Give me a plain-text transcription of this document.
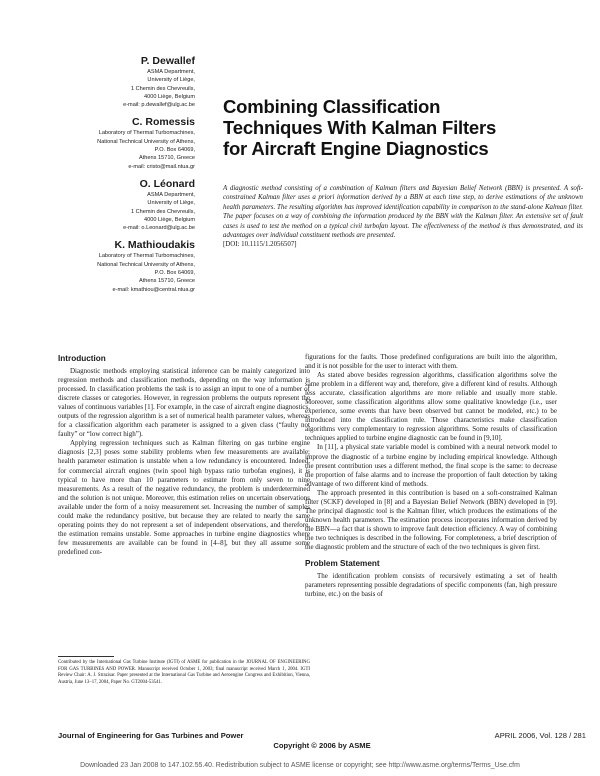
P. Dewallef
ASMA Department,
University of Liège,
1 Chemin des Chevreuils,
4000 Liège, Belgium
e-mail: p.dewallef@ulg.ac.be
C. Romessis
Laboratory of Thermal Turbomachines,
National Technical University of Athens,
P.O. Box 64069,
Athens 15710, Greece
e-mail: cristo@mail.ntua.gr
O. Léonard
ASMA Department,
University of Liège,
1 Chemin des Chevreuils,
4000 Liège, Belgium
e-mail: o.Leonard@ulg.ac.be
K. Mathioudakis
Laboratory of Thermal Turbomachines,
National Technical University of Athens,
P.O. Box 64069,
Athens 15710, Greece
e-mail: kmathiou@central.ntua.gr
Combining Classification
Techniques With Kalman Filters
for Aircraft Engine Diagnostics
A diagnostic method consisting of a combination of Kalman filters and Bayesian Belief Network (BBN) is presented. A soft-constrained Kalman filter uses a priori information derived by a BBN at each time step, to derive estimations of the unknown health parameters. The resulting algorithm has improved identification capability in comparison to the stand-alone Kalman filter. The paper focuses on a way of combining the information produced by the BBN with the Kalman filter. An extensive set of fault cases is used to test the method on a typical civil turbofan layout. The effectiveness of the method is thus demonstrated, and its advantages over individual constituent methods are presented.
[DOI: 10.1115/1.2056507]
Introduction

Diagnostic methods employing statistical inference can be mainly categorized into regression methods and classification methods, depending on the way information is processed. In classification problems the task is to assign an input to one of a number of discrete classes or categories. However, in regression problems the outputs represent the values of continuous variables [1]. For example, in the case of aircraft engine diagnostics, outputs of the regression algorithm is a set of numerical health parameter values, whereas for a classification algorithm each parameter is assigned to a given class (“faulty not faulty” or “low correct high”).

Applying regression techniques such as Kalman filtering on gas turbine engine diagnosis [2,3] poses some stability problems when few measurements are available; health parameter estimation is unstable when a low redundancy is encountered. Indeed, for commercial aircraft engines (twin spool high bypass ratio turbofan engines), it is typical to have more than 10 parameters to estimate from only seven to nine measurements. As a result of the negative redundancy, the problem is underdetermined and the solution is not unique. Moreover, this estimation relies on uncertain observations available under the form of a noisy measurement set. Increasing the number of samples could make the redundancy positive, but because they are related to nearly the same operating points they do not represent a set of independent observations, and therefore, the estimation remains unstable. Some approaches in turbine engine diagnostics where few measurements are available can be found in [4–8], but they all assume some predefined con-

figurations for the faults. Those predefined configurations are built into the algorithm, and it is not possible for the user to interact with them.

As stated above besides regression algorithms, classification algorithms solve the same problem in a different way and, therefore, give a different kind of results. Although less accurate, classification algorithms are more reliable and usually more stable. Moreover, some classification algorithms allow some qualitative knowledge (i.e., user experience, some events that have been observed but cannot be modeled, etc.) to be introduced into the classification rule. Those characteristics make classification algorithms very complementary to regression algorithms. Some results of classification techniques applied to turbine engine diagnostic can be found in [9,10].

In [11], a physical state variable model is combined with a neural network model to improve the diagnostic of a turbine engine by including empirical knowledge. Although the present contribution uses a different method, the final scope is the same: to decrease the proportion of false alarms and to increase the proportion of fault detection by taking advantage of two different kind of methods.

The approach presented in this contribution is based on a soft-constrained Kalman filter (SCKF) developed in [8] and a Bayesian Belief Network (BBN) developed in [9]. The principal diagnostic tool is the Kalman filter, which produces the estimations of the unknown health parameters. The estimation process incorporates information derived by the BBN—a fact that is shown to improve fault detection efficiency. A way of combining the two techniques is described in the following. For completeness, a brief description of the diagnostic problem and the structure of each of the two techniques is given first.

Problem Statement

The identification problem consists of recursively estimating a set of health parameters representing possible degradations of specific components (fan, high pressure turbine, etc.) on the basis of

Contributed by the International Gas Turbine Institute (IGTI) of ASME for publication in the JOURNAL OF ENGINEERING FOR GAS TURBINES AND POWER. Manuscript received October 1, 2003; final manuscript received March 1, 2004. IGTI Review Chair: A. J. Strazisar. Paper presented at the International Gas Turbine and Aeroengine Congress and Exhibition, Vienna, Austria, June 13–17, 2004, Paper No. GT2004-53541.
Journal of Engineering for Gas Turbines and Power	APRIL 2006, Vol. 128 / 281
Copyright © 2006 by ASME
Downloaded 23 Jan 2008 to 147.102.55.40. Redistribution subject to ASME license or copyright; see http://www.asme.org/terms/Terms_Use.cfm
